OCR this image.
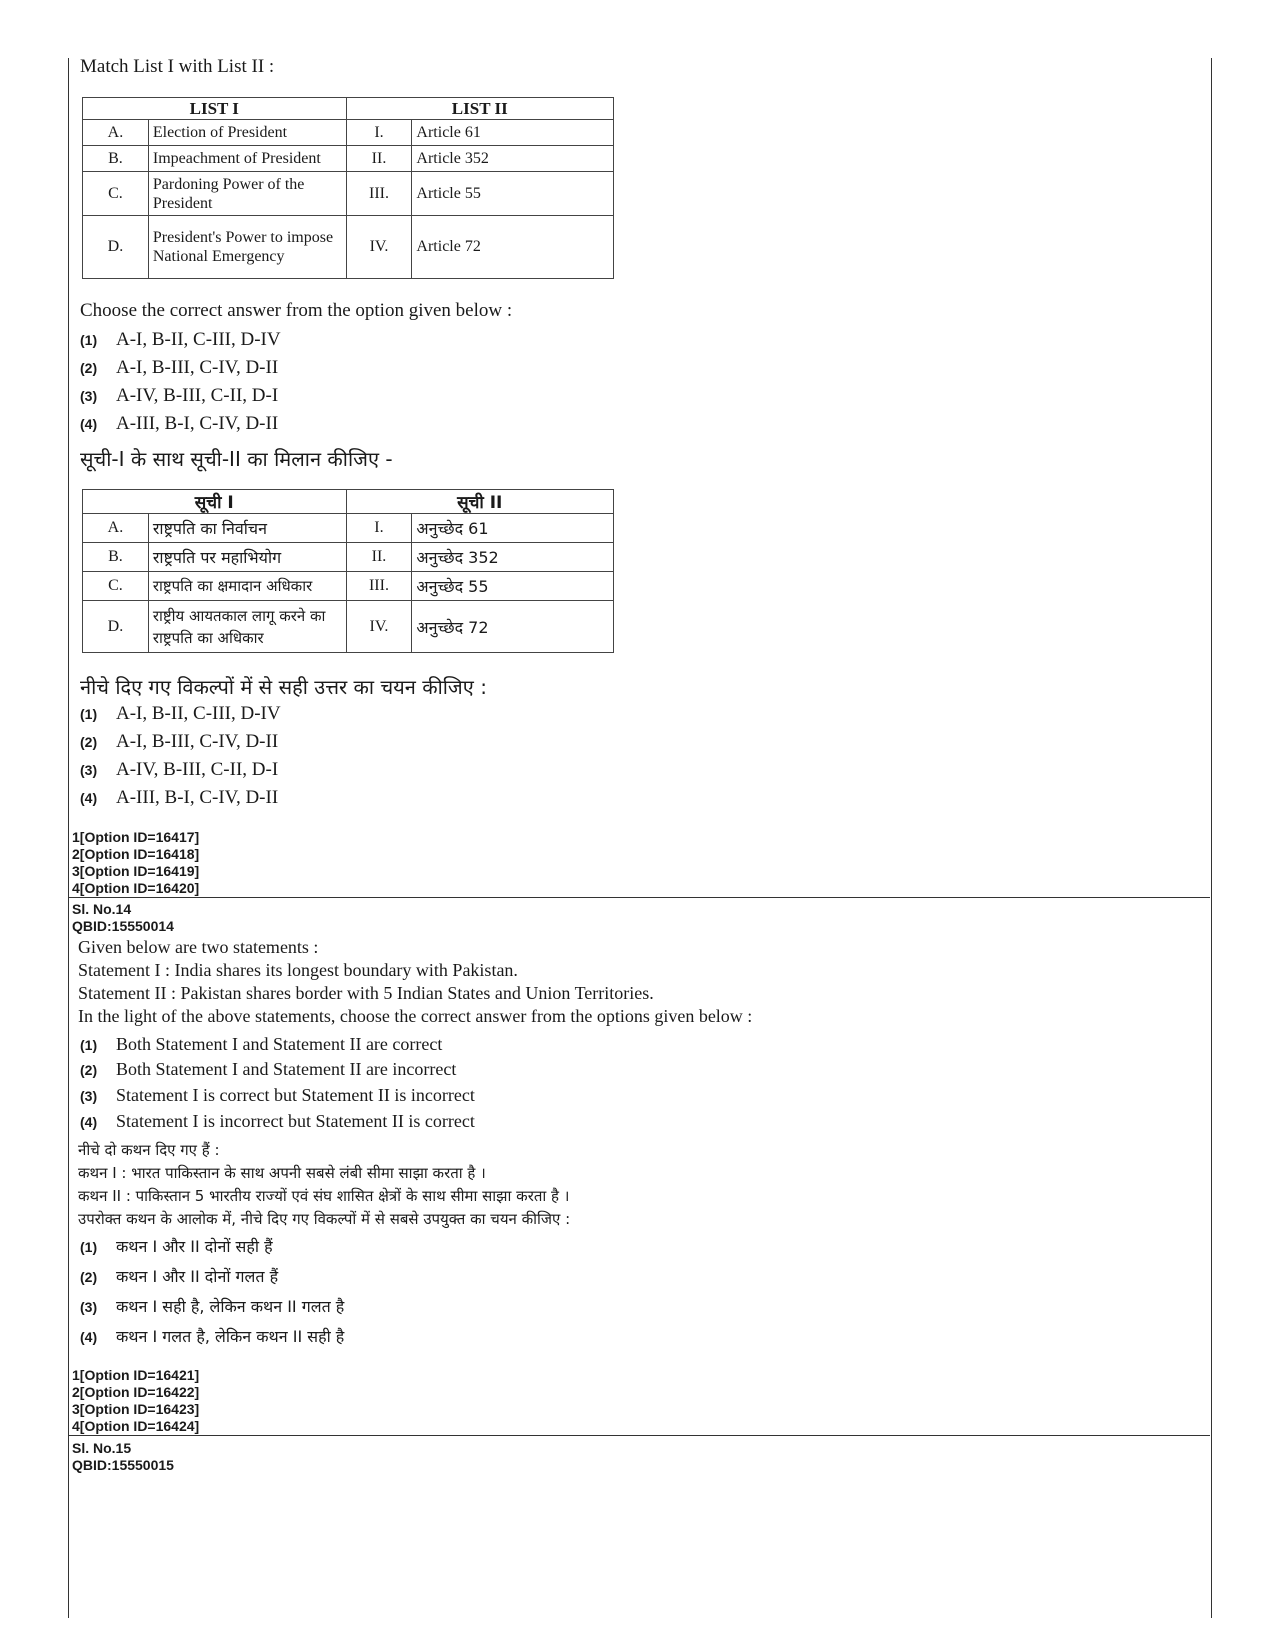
Match List I with List II :
LIST I		LIST II	
A.	Election of President	I.	Article 61
B.	Impeachment of President	II.	Article 352
C.	Pardoning Power of the President	III.	Article 55
D.	President's Power to impose National Emergency	IV.	Article 72
Choose the correct answer from the option given below :
(1) A-I, B-II, C-III, D-IV
(2) A-I, B-III, C-IV, D-II
(3) A-IV, B-III, C-II, D-I
(4) A-III, B-I, C-IV, D-II
सूची-I के साथ सूची-II का मिलान कीजिए -
सूची I		सूची II	
A.	राष्ट्रपति का निर्वाचन	I.	अनुच्छेद 61
B.	राष्ट्रपति पर महाभियोग	II.	अनुच्छेद 352
C.	राष्ट्रपति का क्षमादान अधिकार	III.	अनुच्छेद 55
D.	राष्ट्रीय आयतकाल लागू करने का राष्ट्रपति का अधिकार	IV.	अनुच्छेद 72
नीचे दिए गए विकल्पों में से सही उत्तर का चयन कीजिए :
(1) A-I, B-II, C-III, D-IV
(2) A-I, B-III, C-IV, D-II
(3) A-IV, B-III, C-II, D-I
(4) A-III, B-I, C-IV, D-II
1[Option ID=16417]
2[Option ID=16418]
3[Option ID=16419]
4[Option ID=16420]
Sl. No.14
QBID:15550014
Given below are two statements :
Statement I : India shares its longest boundary with Pakistan.
Statement II : Pakistan shares border with 5 Indian States and Union Territories.
In the light of the above statements, choose the correct answer from the options given below :
(1) Both Statement I and Statement II are correct
(2) Both Statement I and Statement II are incorrect
(3) Statement I is correct but Statement II is incorrect
(4) Statement I is incorrect but Statement II is correct
नीचे दो कथन दिए गए हैं :
कथन I : भारत पाकिस्तान के साथ अपनी सबसे लंबी सीमा साझा करता है ।
कथन II : पाकिस्तान 5 भारतीय राज्यों एवं संघ शासित क्षेत्रों के साथ सीमा साझा करता है ।
उपरोक्त कथन के आलोक में, नीचे दिए गए विकल्पों में से सबसे उपयुक्त का चयन कीजिए :
(1) कथन I और II दोनों सही हैं
(2) कथन I और II दोनों गलत हैं
(3) कथन I सही है, लेकिन कथन II गलत है
(4) कथन I गलत है, लेकिन कथन II सही है
1[Option ID=16421]
2[Option ID=16422]
3[Option ID=16423]
4[Option ID=16424]
Sl. No.15
QBID:15550015
